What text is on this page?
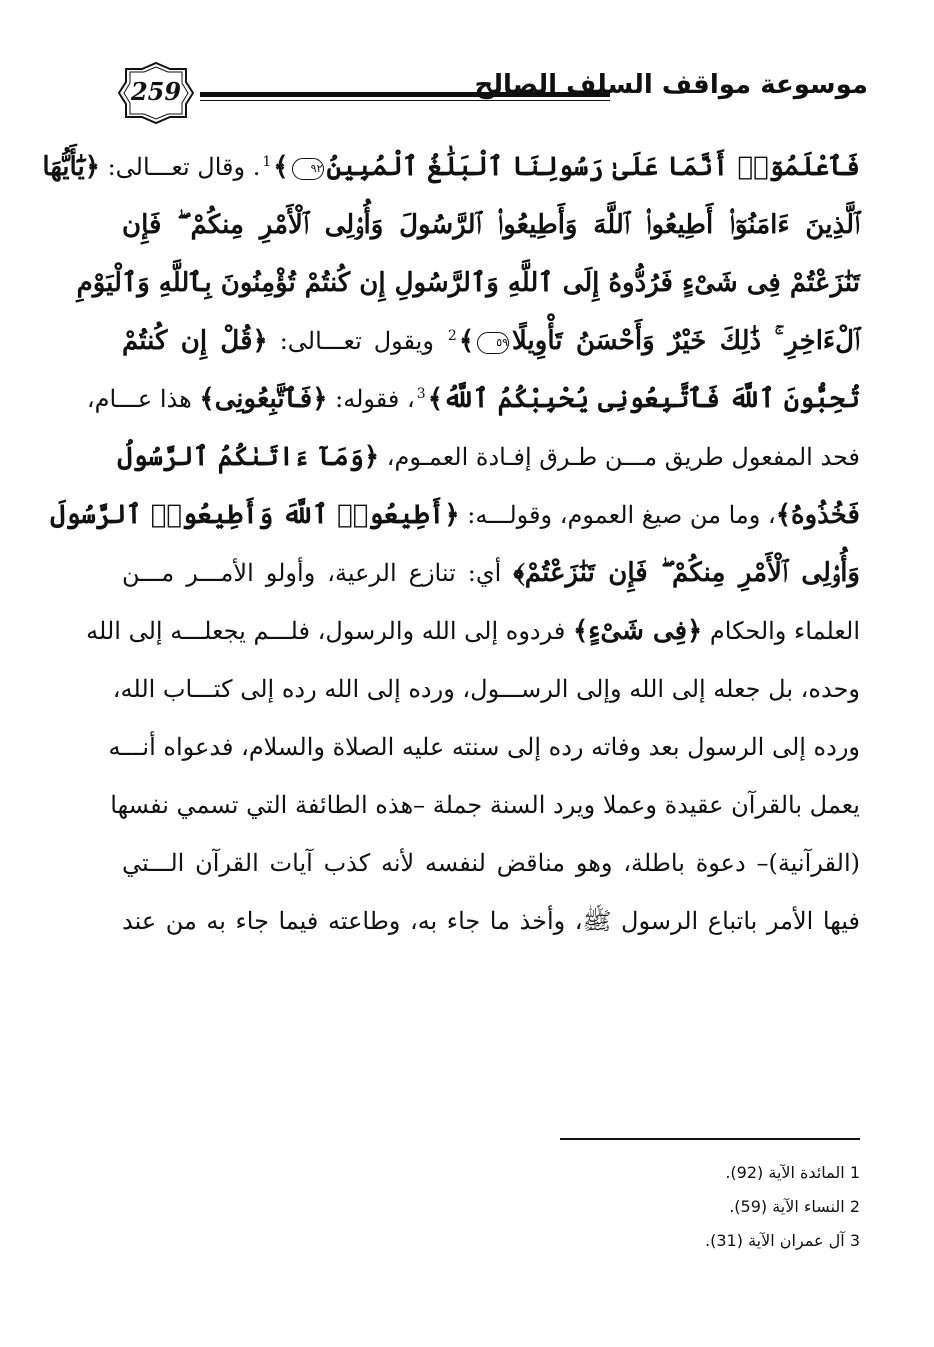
259	موسوعة مواقف السلف الصالح
فَٱعْلَمُوٓا۟ أَنَّمَا عَلَىٰ رَسُولِنَا ٱلْبَلَٰغُ ٱلْمُبِينُ٩٢﴾$^1$. وقال تعـــالى: ﴿يَٰٓأَيُّهَا
ٱلَّذِينَ ءَامَنُوٓا۟ أَطِيعُوا۟ ٱللَّهَ وَأَطِيعُوا۟ ٱلرَّسُولَ وَأُو۟لِى ٱلْأَمْرِ مِنكُمْ ۖ فَإِن
تَنَٰزَعْتُمْ فِى شَىْءٍ فَرُدُّوهُ إِلَى ٱللَّهِ وَٱلرَّسُولِ إِن كُنتُمْ تُؤْمِنُونَ بِٱللَّهِ وَٱلْيَوْمِ
ٱلْءَاخِرِ ۚ ذَٰلِكَ خَيْرٌ وَأَحْسَنُ تَأْوِيلًا٥٩﴾$^2$ ويقول تعـــالى: ﴿قُلْ إِن كُنتُمْ
تُحِبُّونَ ٱللَّهَ فَٱتَّبِعُونِى يُحْبِبْكُمُ ٱللَّهُ﴾$^3$، فقوله: ﴿فَٱتَّبِعُونِى﴾ هذا عـــام،
فحد المفعول طريق مـــن طـرق إفـادة العمـوم، ﴿وَمَآ ءَاتَىٰكُمُ ٱلرَّسُولُ
فَخُذُوهُ﴾، وما من صيغ العموم، وقولـــه: ﴿أَطِيعُوا۟ ٱللَّهَ وَأَطِيعُوا۟ ٱلرَّسُولَ
وَأُو۟لِى ٱلْأَمْرِ مِنكُمْ ۖ فَإِن تَنَٰزَعْتُمْ﴾ أي: تنازع الرعية، وأولو الأمـــر مـــن
العلماء والحكام ﴿فِى شَىْءٍ﴾ فردوه إلى الله والرسول، فلـــم يجعلـــه إلى الله
وحده، بل جعله إلى الله وإلى الرســـول، ورده إلى الله رده إلى كتـــاب الله،
ورده إلى الرسول بعد وفاته رده إلى سنته عليه الصلاة والسلام، فدعواه أنـــه
يعمل بالقرآن عقيدة وعملا ويرد السنة جملة –هذه الطائفة التي تسمي نفسها
(القرآنية)– دعوة باطلة، وهو مناقض لنفسه لأنه كذب آيات القرآن الـــتي
فيها الأمر باتباع الرسول ﷺ، وأخذ ما جاء به، وطاعته فيما جاء به من عند
1 المائدة الآية (92).
2 النساء الآية (59).
3 آل عمران الآية (31).
